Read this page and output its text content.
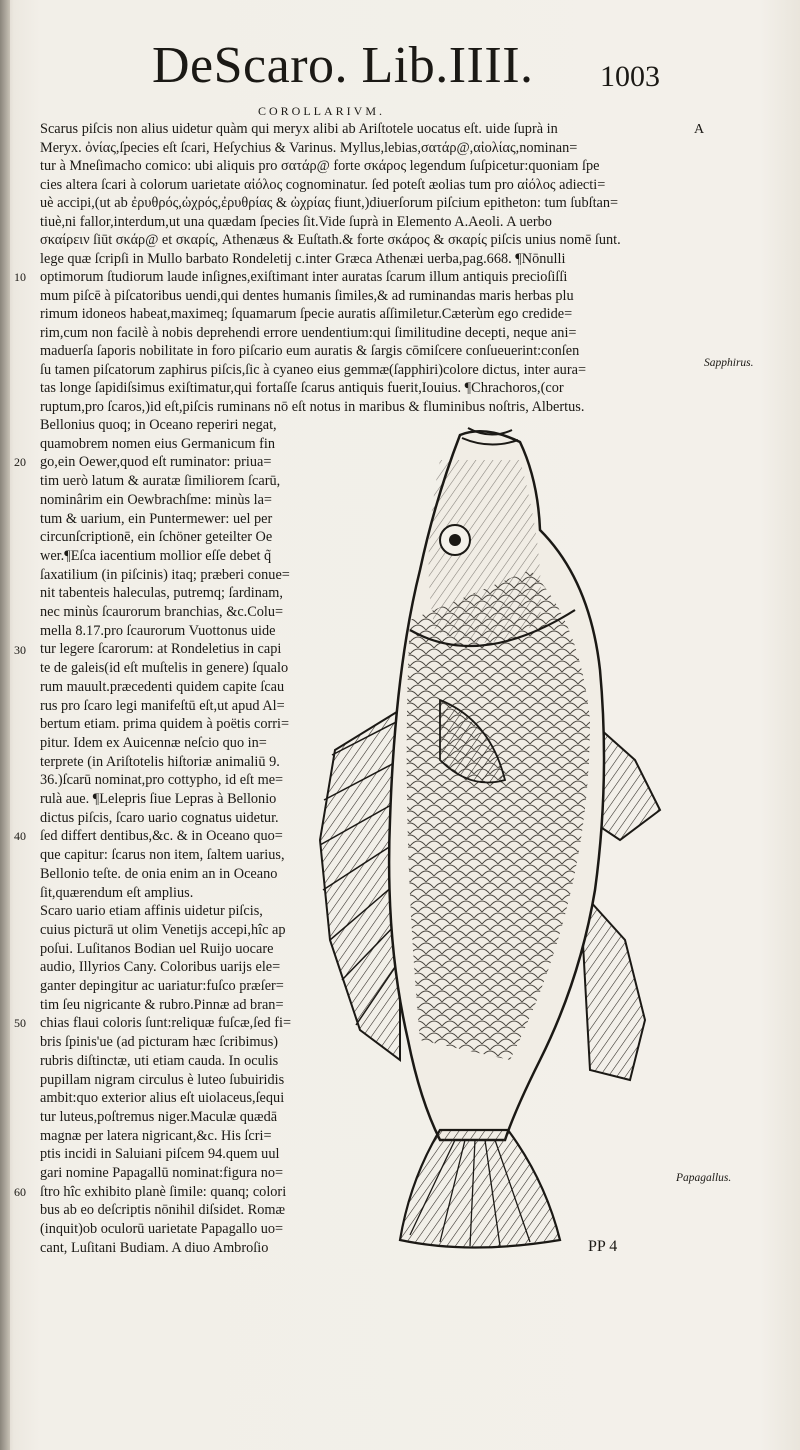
DeScaro. Lib.IIII. 1003
COROLLARIVM.
A
Sapphirus.
Papagallus.
Scarus piſcis non alius uidetur quàm qui meryx alibi ab Ariſtotele uocatus eſt. uide ſuprà in
Meryx. ὀνίας,ſpecies eſt ſcari, Heſychius & Varinus. Myllus,lebias,σατάρ@,αἰολίας,nominan=
tur à Mneſimacho comico: ubi aliquis pro σατάρ@ forte σκάρος legendum ſuſpicetur:quoniam ſpe
cies altera ſcari à colorum uarietate αἰόλος cognominatur. ſed poteſt æolias tum pro αἰόλος adiecti=
uè accipi,(ut ab ἐρυθρός,ὠχρός,ἐρυθρίας & ὠχρίας fiunt,)diuerſorum piſcium epitheton: tum ſubſtan=
tiuè,ni fallor,interdum,ut una quædam ſpecies ſit.Vide ſuprà in Elemento A.Aeoli. A uerbo
σκαίρειν ſiūt σκάρ@ et σκαρίς, Athenæus & Euſtath.& forte σκάρος & σκαρίς piſcis unius nomē ſunt.
lege quæ ſcripſi in Mullo barbato Rondeletij c.inter Græca Athenæi uerba,pag.668. ¶Nōnulli
optimorum ſtudiorum laude inſignes,exiſtimant inter auratas ſcarum illum antiquis precioſiſſi
mum piſcē à piſcatoribus uendi,qui dentes humanis ſimiles,& ad ruminandas maris herbas plu
rimum idoneos habeat,maximeq; ſquamarum ſpecie auratis aſſimiletur.Cæterùm ego credide=
rim,cum non facilè à nobis deprehendi errore uendentium:qui ſimilitudine decepti, neque ani=
maduerſa ſaporis nobilitate in foro piſcario eum auratis & ſargis cōmiſcere conſueuerint:conſen
ſu tamen piſcatorum zaphirus piſcis,ſic à cyaneo eius gemmæ(ſapphiri)colore dictus, inter aura=
tas longe ſapidiſsimus exiſtimatur,qui fortaſſe ſcarus antiquis fuerit,Iouius. ¶Chrachoros,(cor
ruptum,pro ſcaros,)id eſt,piſcis ruminans nō eſt notus in maribus & fluminibus noſtris, Albertus.
Bellonius quoq; in Oceano reperiri negat,
quamobrem nomen eius Germanicum fin
go,ein Oewer,quod eſt ruminator: priua=
tim uerò latum & auratæ ſimiliorem ſcarū,
nominârim ein Oewbrachſme: minùs la=
tum & uarium, ein Puntermewer: uel per
circunſcriptionē, ein ſchöner geteilter Oe
wer.¶Eſca iacentium mollior eſſe debet q̃
ſaxatilium (in piſcinis) itaq; præberi conue=
nit tabenteis haleculas, putremq; ſardinam,
nec minùs ſcaurorum branchias, &c.Colu=
mella 8.17.pro ſcaurorum Vuottonus uide
tur legere ſcarorum: at Rondeletius in capi
te de galeis(id eſt muſtelis in genere) ſqualo
rum mauult.præcedenti quidem capite ſcau
rus pro ſcaro legi manifeſtū eſt,ut apud Al=
bertum etiam. prima quidem à poëtis corri=
pitur. Idem ex Auicennæ neſcio quo in=
terprete (in Ariſtotelis hiſtoriæ animaliū 9.
36.)ſcarū nominat,pro cottypho, id eſt me=
rulà aue. ¶Lelepris ſiue Lepras à Bellonio
dictus piſcis, ſcaro uario cognatus uidetur.
ſed differt dentibus,&c. & in Oceano quo=
que capitur: ſcarus non item, ſaltem uarius,
Bellonio teſte. de onia enim an in Oceano
ſit,quærendum eſt amplius.
Scaro uario etiam affinis uidetur piſcis,
cuius picturā ut olim Venetijs accepi,hîc ap
poſui. Luſitanos Bodian uel Ruijo uocare
audio, Illyrios Cany. Coloribus uarijs ele=
ganter depingitur ac uariatur:fuſco præſer=
tim ſeu nigricante & rubro.Pinnæ ad bran=
chias flaui coloris ſunt:reliquæ fuſcæ,ſed fi=
bris ſpinis'ue (ad picturam hæc ſcribimus)
rubris diſtinctæ, uti etiam cauda. In oculis
pupillam nigram circulus è luteo ſubuiridis
ambit:quo exterior alius eſt uiolaceus,ſequi
tur luteus,poſtremus niger.Maculæ quædā
magnæ per latera nigricant,&c. His ſcri=
ptis incidi in Saluiani piſcem 94.quem uul
gari nomine Papagallū nominat:figura no=
ſtro hîc exhibito planè ſimile: quanq; colori
bus ab eo deſcriptis nōnihil diſsidet. Romæ
(inquit)ob oculorū uarietate Papagallo uo=
cant, Luſitani Budiam. A diuo Ambroſio
10
20
30
40
50
60
PP 4
